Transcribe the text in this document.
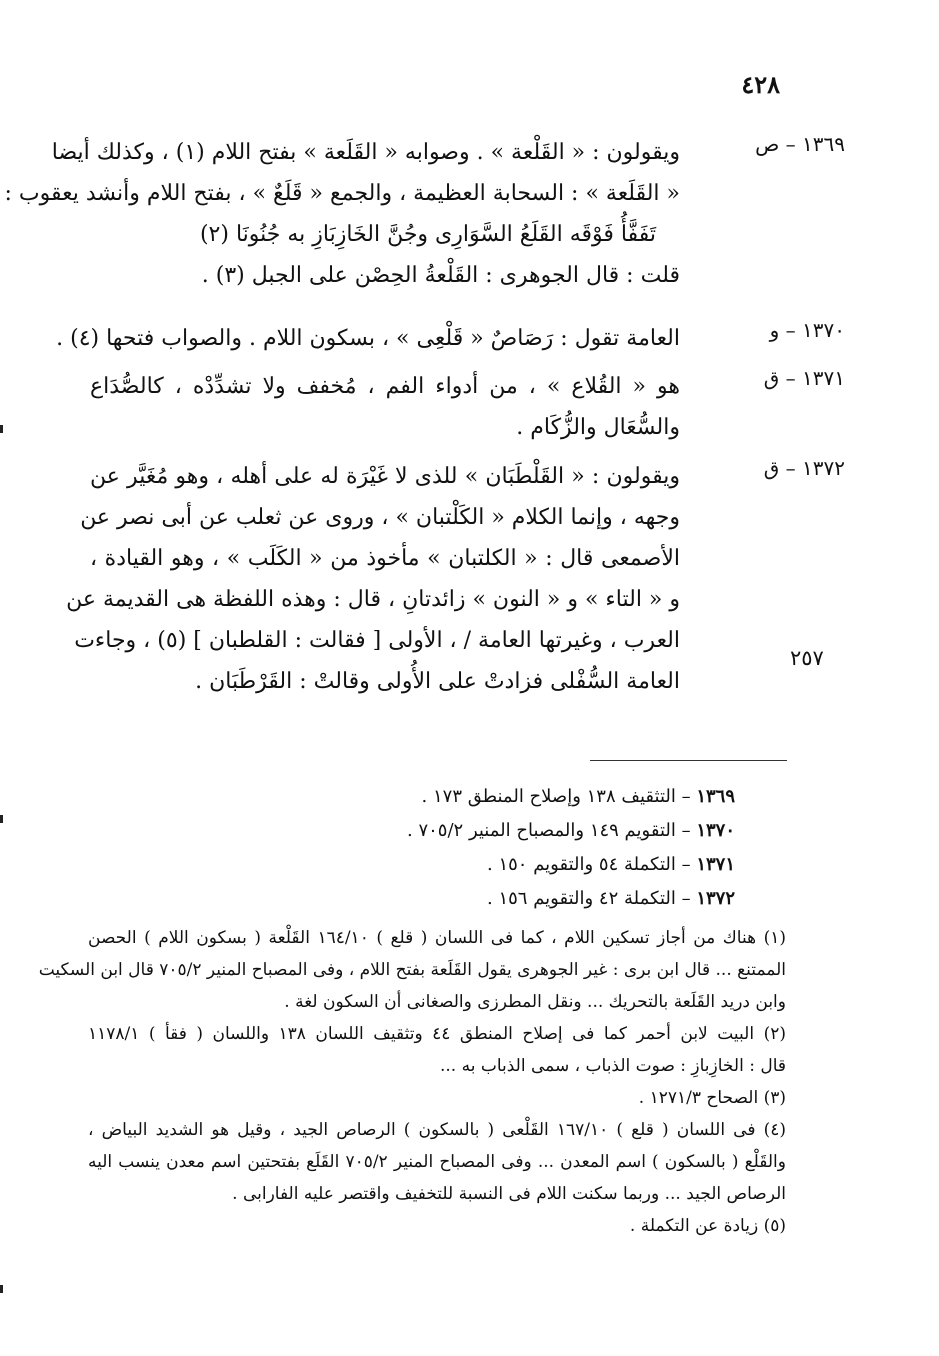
٤٢٨
١٣٦٩ – ص
ويقولون : « القَلْعة » . وصوابه « القَلَعة » بفتح اللام (١) ، وكذلك أيضا
« القَلَعة » : السحابة العظيمة ، والجمع « قَلَعٌ » ، بفتح اللام وأنشد يعقوب :
تَفَفَّأُ فَوْقَه القَلَعُ السَّوَارِى وجُنَّ الخَازِبَازِ به جُنُونَا (٢)
قلت : قال الجوهرى : القَلْعةُ الحِصْن على الجبل (٣) .
١٣٧٠ – و
العامة تقول : رَصَاصٌ « قَلْعِى » ، بسكون اللام . والصواب فتحها (٤) .
١٣٧١ – ق
هو « القُلاع » ، من أدواء الفم ، مُخفف ولا تشدِّدْه ، كالصُّدَاع
والسُّعَال والزُّكَام .
١٣٧٢ – ق
ويقولون : « القَلْطَبَان » للذى لا غَيْرَة له على أهله ، وهو مُغَيَّر عن
وجهه ، وإنما الكلام « الكَلْتبان » ، وروى عن ثعلب عن أبى نصر عن
الأصمعى قال : « الكلتبان » مأخوذ من « الكَلَب » ، وهو القيادة ،
و « التاء » و « النون » زائدتانِ ، قال : وهذه اللفظة هى القديمة عن
العرب ، وغيرتها العامة / ، الأولى [ فقالت : القلطبان ] (٥) ، وجاءت
العامة السُّفْلى فزادتْ على الأُولى وقالتْ : القَرْطَبَان .
٢٥٧
١٣٦٩ – التثقيف ١٣٨ وإصلاح المنطق ١٧٣ .
١٣٧٠ – التقويم ١٤٩ والمصباح المنير ٧٠٥/٢ .
١٣٧١ – التكملة ٥٤ والتقويم ١٥٠ .
١٣٧٢ – التكملة ٤٢ والتقويم ١٥٦ .
(١) هناك من أجاز تسكين اللام ، كما فى اللسان ( قلع ) ١٦٤/١٠ القَلْعة ( بسكون اللام ) الحصن
الممتنع ... قال ابن برى : غير الجوهرى يقول القَلَعة بفتح اللام ، وفى المصباح المنير ٧٠٥/٢ قال ابن السكيت
وابن دريد القَلَعة بالتحريك ... ونقل المطرزى والصغانى أن السكون لغة .
(٢) البيت لابن أحمر كما فى إصلاح المنطق ٤٤ وتثقيف اللسان ١٣٨ واللسان ( فقأ ) ١١٧٨/١
قال : الخازِبازِ : صوت الذباب ، سمى الذباب به ...
(٣) الصحاح ١٢٧١/٣ .
(٤) فى اللسان ( قلع ) ١٦٧/١٠ القَلْعى ( بالسكون ) الرصاص الجيد ، وقيل هو الشديد البياض ،
والقَلْع ( بالسكون ) اسم المعدن ... وفى المصباح المنير ٧٠٥/٢ القَلَع بفتحتين اسم معدن ينسب اليه
الرصاص الجيد ... وربما سكنت اللام فى النسبة للتخفيف واقتصر عليه الفارابى .
(٥) زيادة عن التكملة .
